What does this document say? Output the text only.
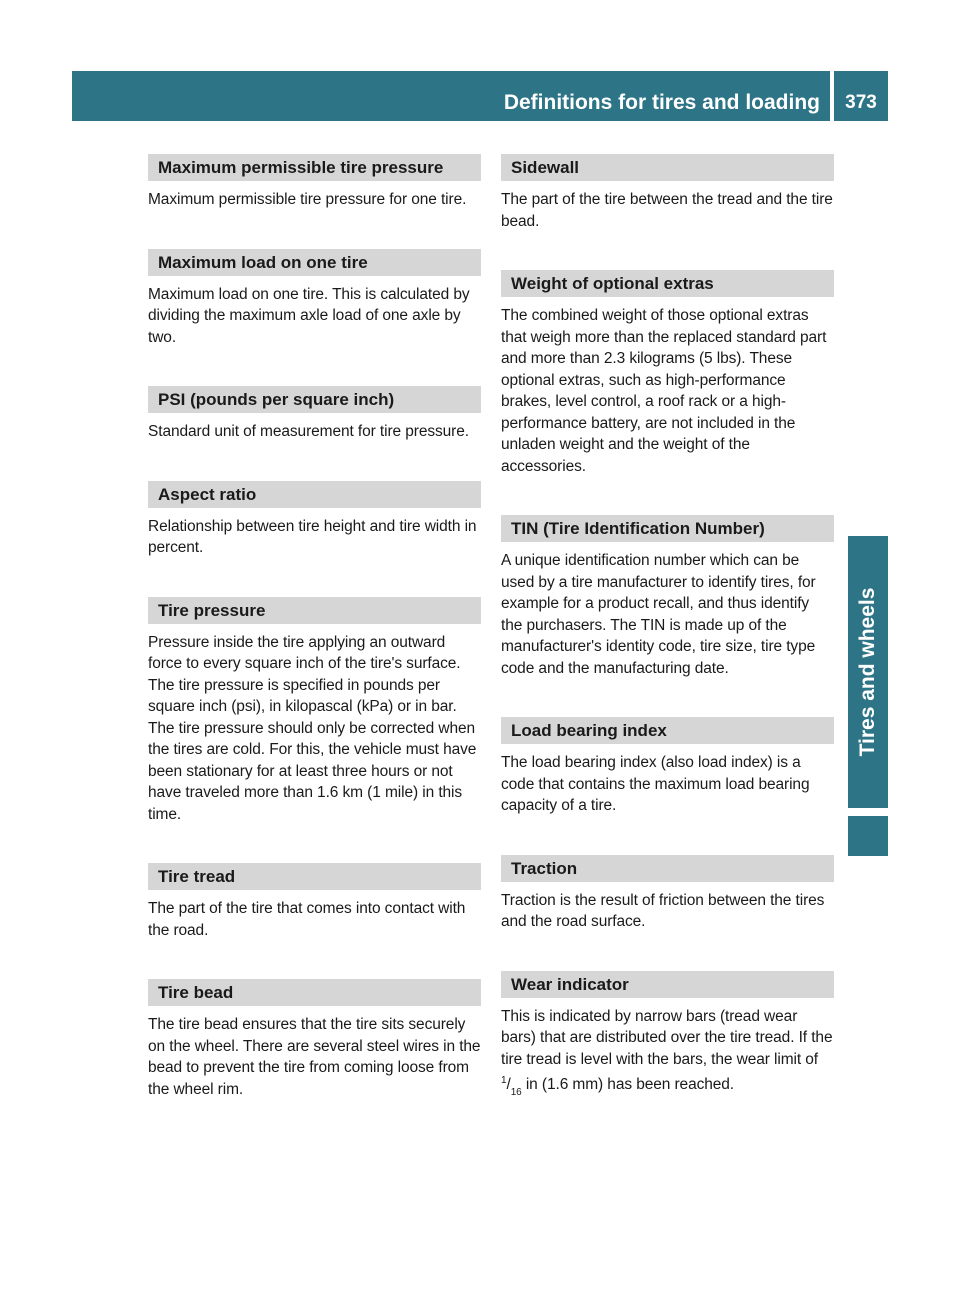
Definitions for tires and loading	373
Tires and wheels
Maximum permissible tire pressure

Maximum permissible tire pressure for one tire.

Maximum load on one tire

Maximum load on one tire. This is calculated by dividing the maximum axle load of one axle by two.

PSI (pounds per square inch)

Standard unit of measurement for tire pressure.

Aspect ratio

Relationship between tire height and tire width in percent.

Tire pressure

Pressure inside the tire applying an outward force to every square inch of the tire's surface. The tire pressure is specified in pounds per square inch (psi), in kilopascal (kPa) or in bar. The tire pressure should only be corrected when the tires are cold. For this, the vehicle must have been stationary for at least three hours or not have traveled more than 1.6 km (1 mile) in this time.

Tire tread

The part of the tire that comes into contact with the road.

Tire bead

The tire bead ensures that the tire sits securely on the wheel. There are several steel wires in the bead to prevent the tire from coming loose from the wheel rim.

Sidewall

The part of the tire between the tread and the tire bead.

Weight of optional extras

The combined weight of those optional extras that weigh more than the replaced standard part and more than 2.3 kilograms (5 lbs). These optional extras, such as high-performance brakes, level control, a roof rack or a high-performance battery, are not included in the unladen weight and the weight of the accessories.

TIN (Tire Identification Number)

A unique identification number which can be used by a tire manufacturer to identify tires, for example for a product recall, and thus identify the purchasers. The TIN is made up of the manufacturer's identity code, tire size, tire type code and the manufacturing date.

Load bearing index

The load bearing index (also load index) is a code that contains the maximum load bearing capacity of a tire.

Traction

Traction is the result of friction between the tires and the road surface.

Wear indicator

This is indicated by narrow bars (tread wear bars) that are distributed over the tire tread. If the tire tread is level with the bars, the wear limit of $^1/_{16}$ in (1.6 mm) has been reached.
